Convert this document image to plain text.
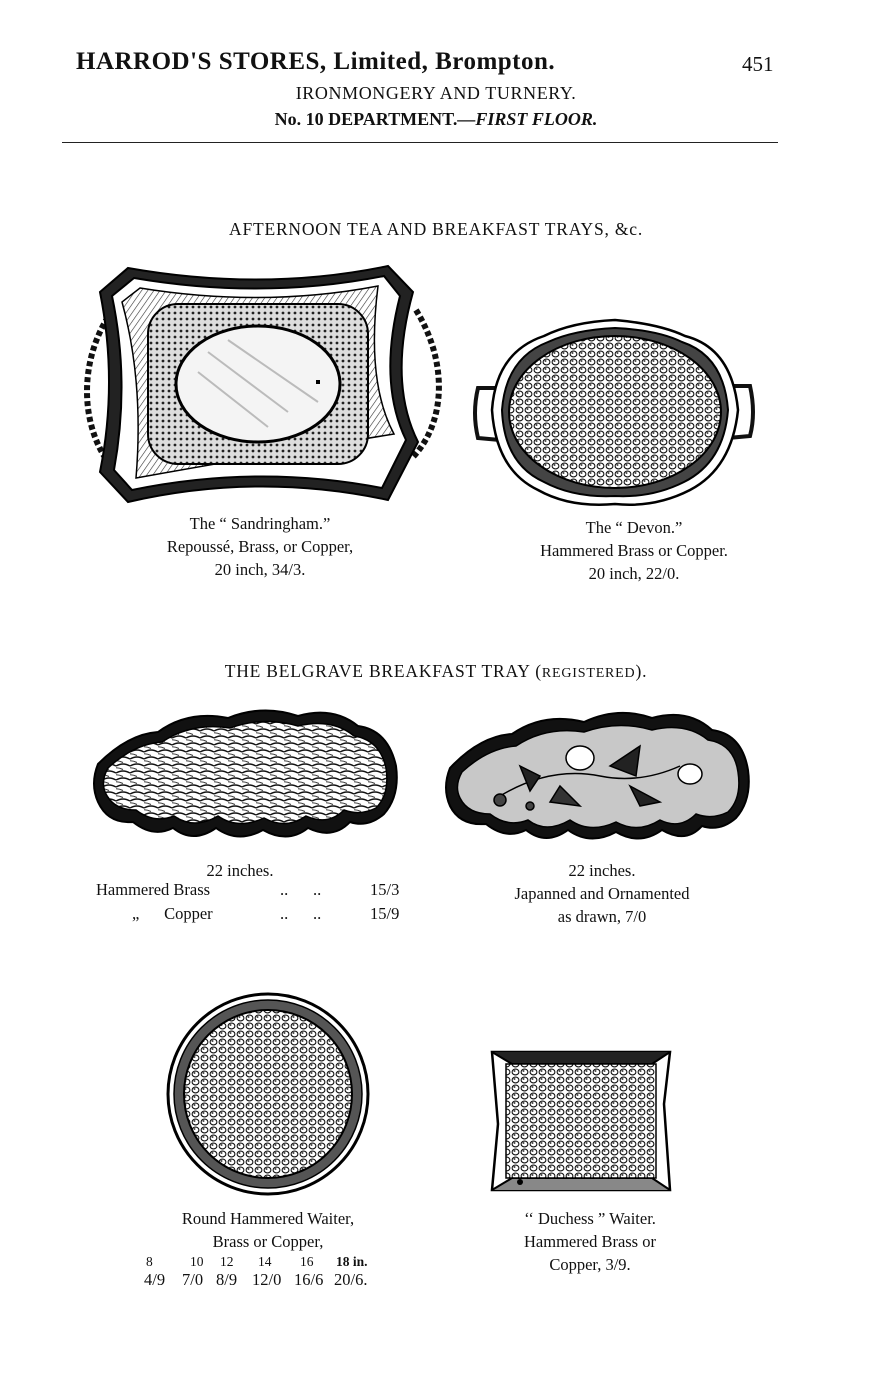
HARROD'S STORES, Limited, Brompton.	451
IRONMONGERY AND TURNERY.
No. 10 DEPARTMENT.—FIRST FLOOR.
AFTERNOON TEA AND BREAKFAST TRAYS, &c.
The “ Sandringham.”
Repoussé, Brass, or Copper,
20 inch, 34/3.
The “ Devon.”
Hammered Brass or Copper.
20 inch, 22/0.
THE BELGRAVE BREAKFAST TRAY (REGISTERED).
22 inches.
Hammered Brass	..      ..	15/3
„      Copper	..      ..	15/9
22 inches.
Japanned and Ornamented
as drawn, 7/0
Round Hammered Waiter,
Brass or Copper,
8	10 12 14 16 18 in.
4/9 7/0 8/9 12/0 16/6 20/6.
‘‘ Duchess ” Waiter.
Hammered Brass or
Copper, 3/9.
